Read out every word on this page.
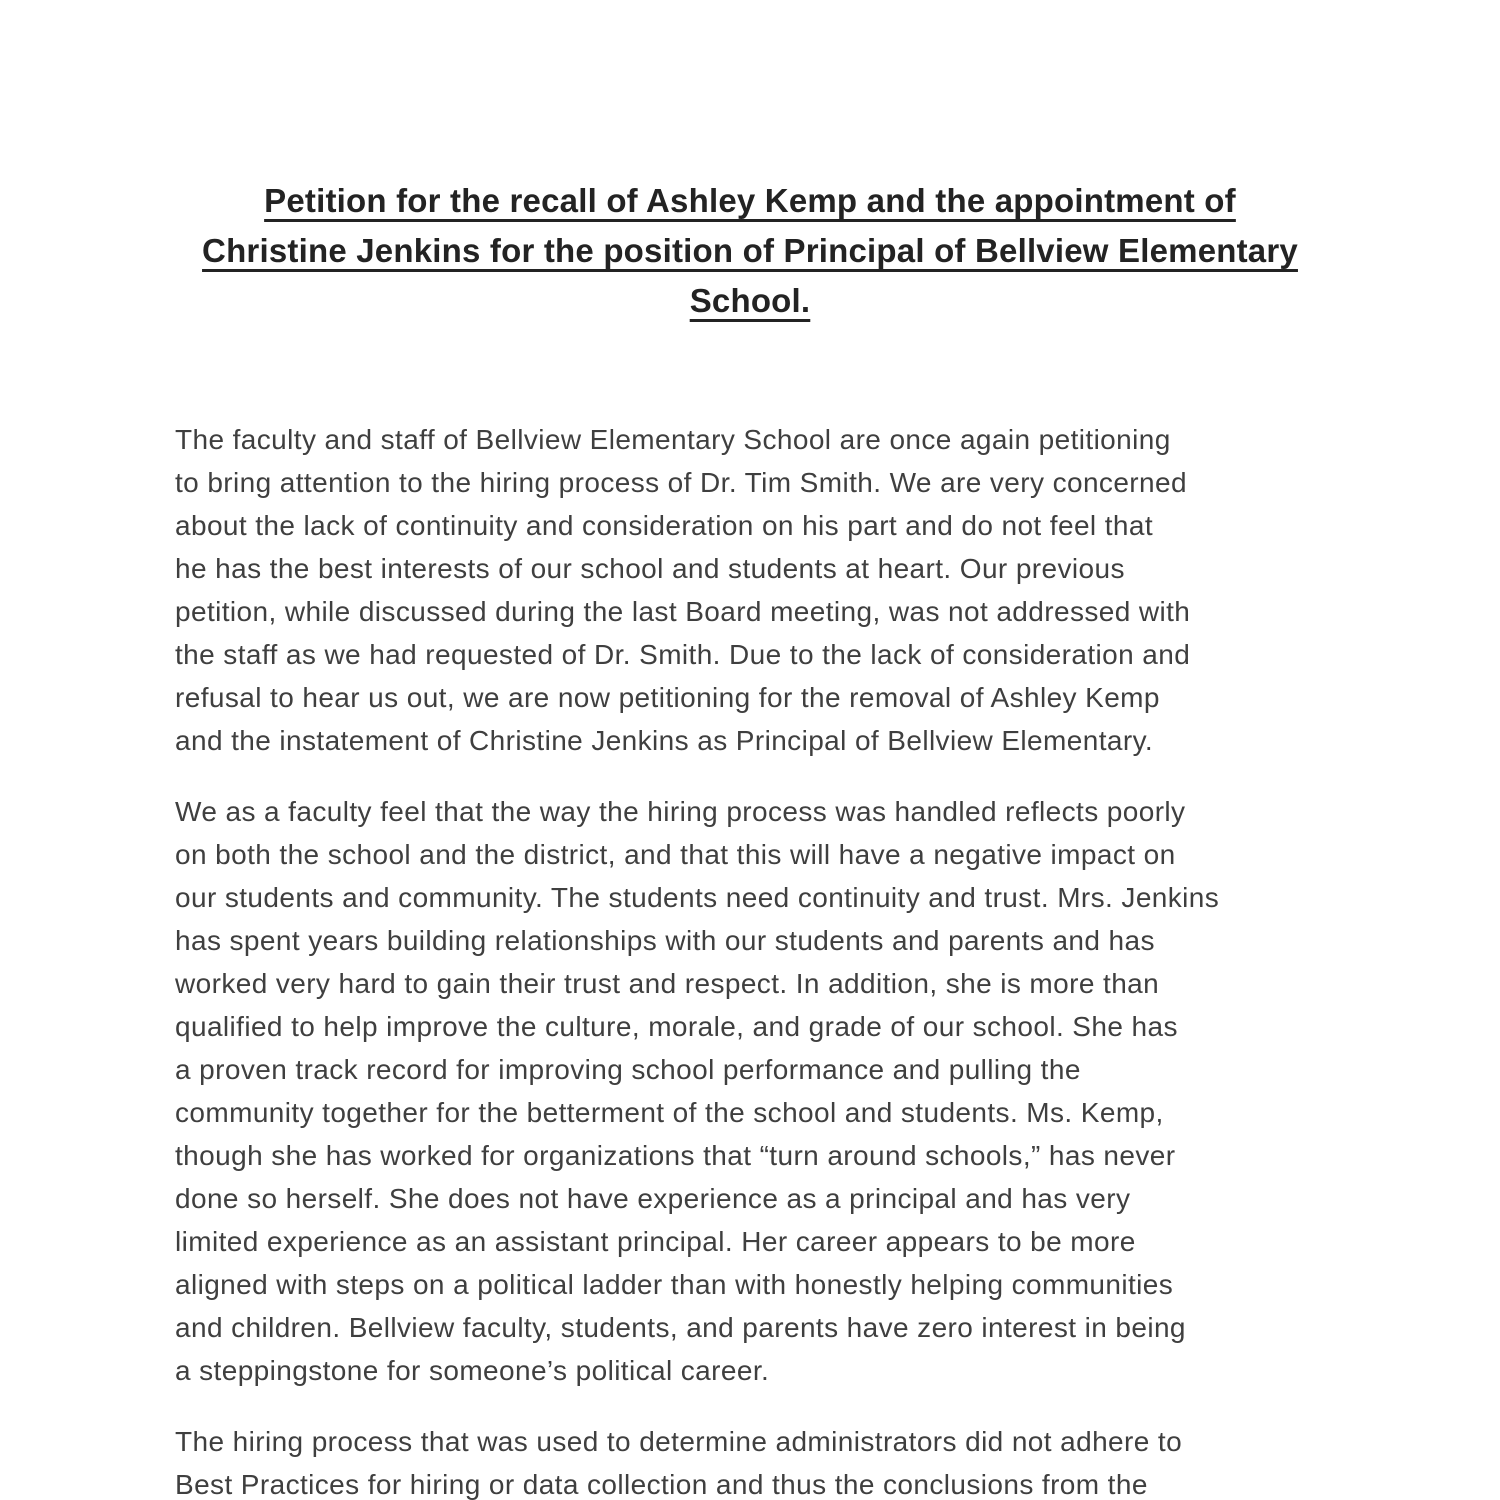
Petition for the recall of Ashley Kemp and the appointment of
Christine Jenkins for the position of Principal of Bellview Elementary
School.

The faculty and staff of Bellview Elementary School are once again petitioning
to bring attention to the hiring process of Dr. Tim Smith. We are very concerned
about the lack of continuity and consideration on his part and do not feel that
he has the best interests of our school and students at heart. Our previous
petition, while discussed during the last Board meeting, was not addressed with
the staff as we had requested of Dr. Smith. Due to the lack of consideration and
refusal to hear us out, we are now petitioning for the removal of Ashley Kemp
and the instatement of Christine Jenkins as Principal of Bellview Elementary.

We as a faculty feel that the way the hiring process was handled reflects poorly
on both the school and the district, and that this will have a negative impact on
our students and community. The students need continuity and trust. Mrs. Jenkins
has spent years building relationships with our students and parents and has
worked very hard to gain their trust and respect. In addition, she is more than
qualified to help improve the culture, morale, and grade of our school. She has
a proven track record for improving school performance and pulling the
community together for the betterment of the school and students. Ms. Kemp,
though she has worked for organizations that “turn around schools,” has never
done so herself. She does not have experience as a principal and has very
limited experience as an assistant principal. Her career appears to be more
aligned with steps on a political ladder than with honestly helping communities
and children. Bellview faculty, students, and parents have zero interest in being
a steppingstone for someone’s political career.

The hiring process that was used to determine administrators did not adhere to
Best Practices for hiring or data collection and thus the conclusions from the
